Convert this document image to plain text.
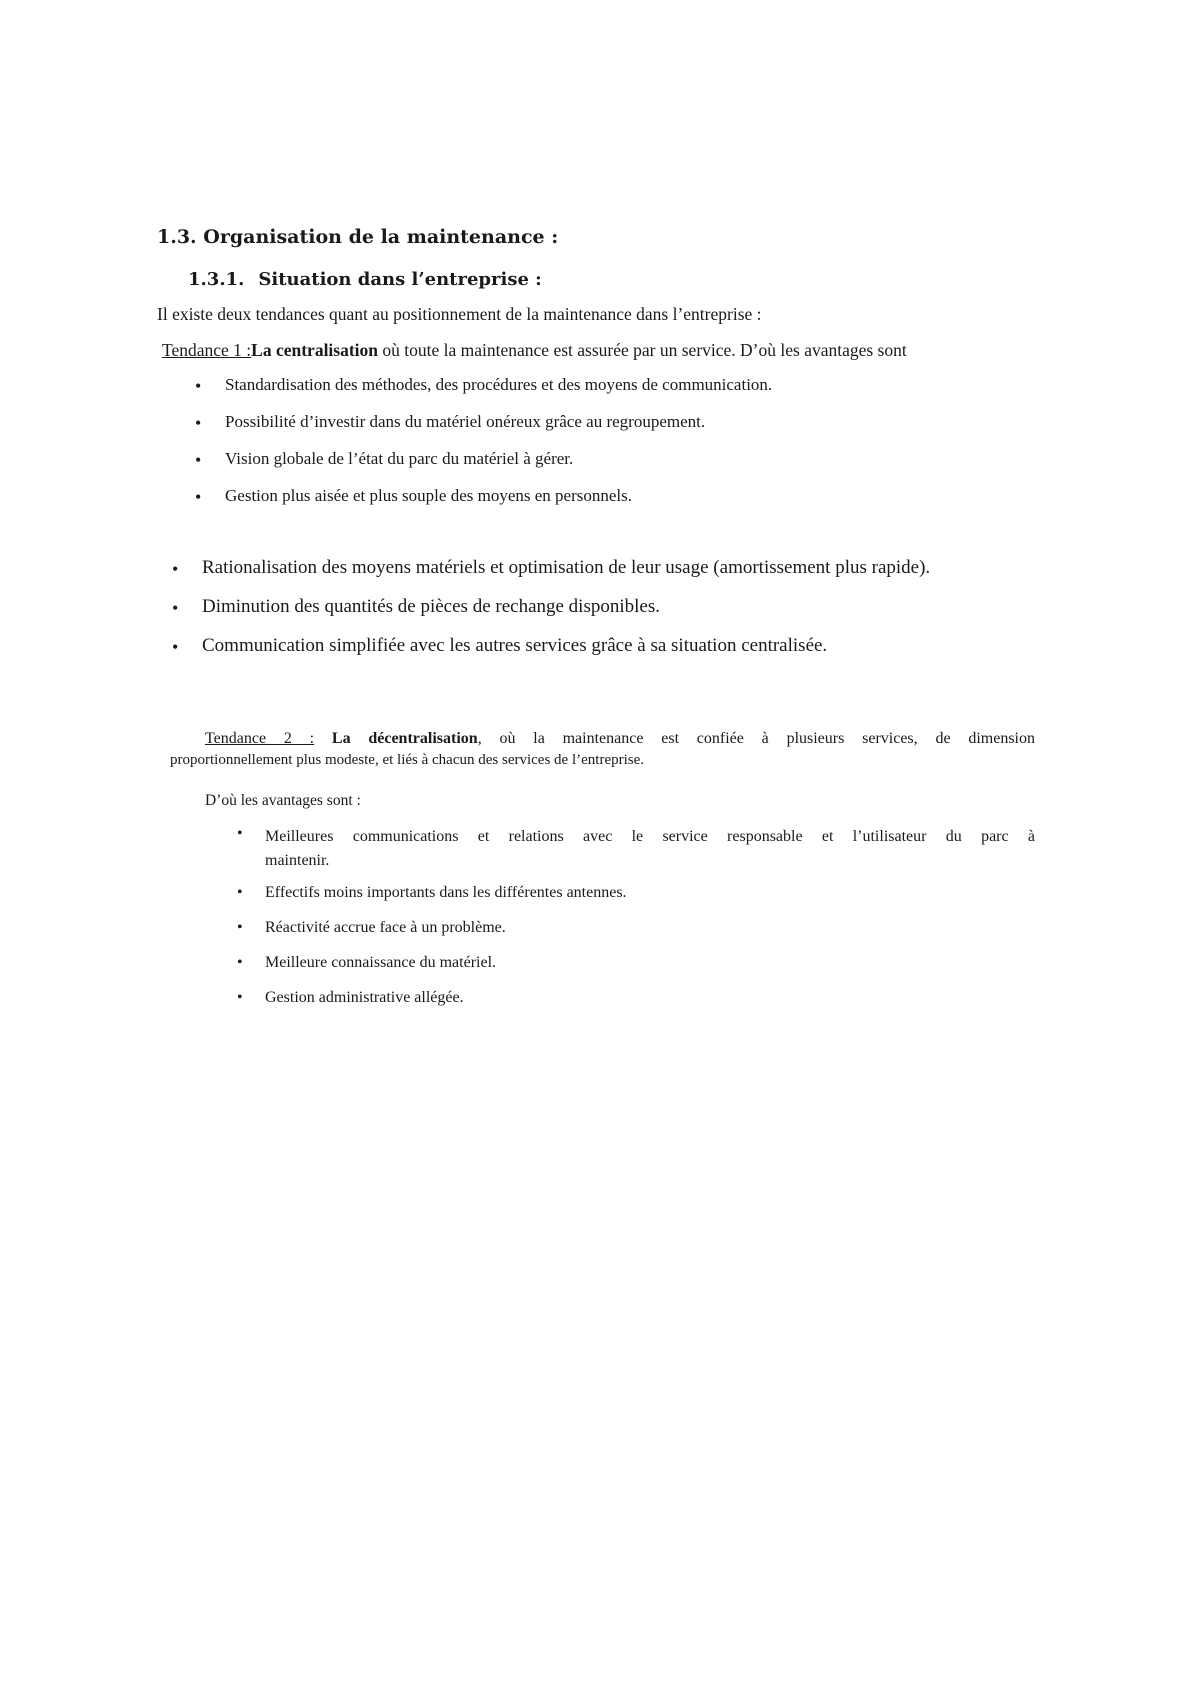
1.3. Organisation de la maintenance :
1.3.1. Situation dans l’entreprise :
Il existe deux tendances quant au positionnement de la maintenance dans l’entreprise :
Tendance 1 :La centralisation où toute la maintenance est assurée par un service. D’où les avantages sont
• Standardisation des méthodes, des procédures et des moyens de communication.
• Possibilité d’investir dans du matériel onéreux grâce au regroupement.
• Vision globale de l’état du parc du matériel à gérer.
• Gestion plus aisée et plus souple des moyens en personnels.
• Rationalisation des moyens matériels et optimisation de leur usage (amortissement plus rapide).
• Diminution des quantités de pièces de rechange disponibles.
• Communication simplifiée avec les autres services grâce à sa situation centralisée.
Tendance 2 : La décentralisation, où la maintenance est confiée à plusieurs services, de dimension
proportionnellement plus modeste, et liés à chacun des services de l’entreprise.
D’où les avantages sont :
• Meilleures communications et relations avec le service responsable et l’utilisateur du parc à
maintenir.
• Effectifs moins importants dans les différentes antennes.
• Réactivité accrue face à un problème.
• Meilleure connaissance du matériel.
• Gestion administrative allégée.
